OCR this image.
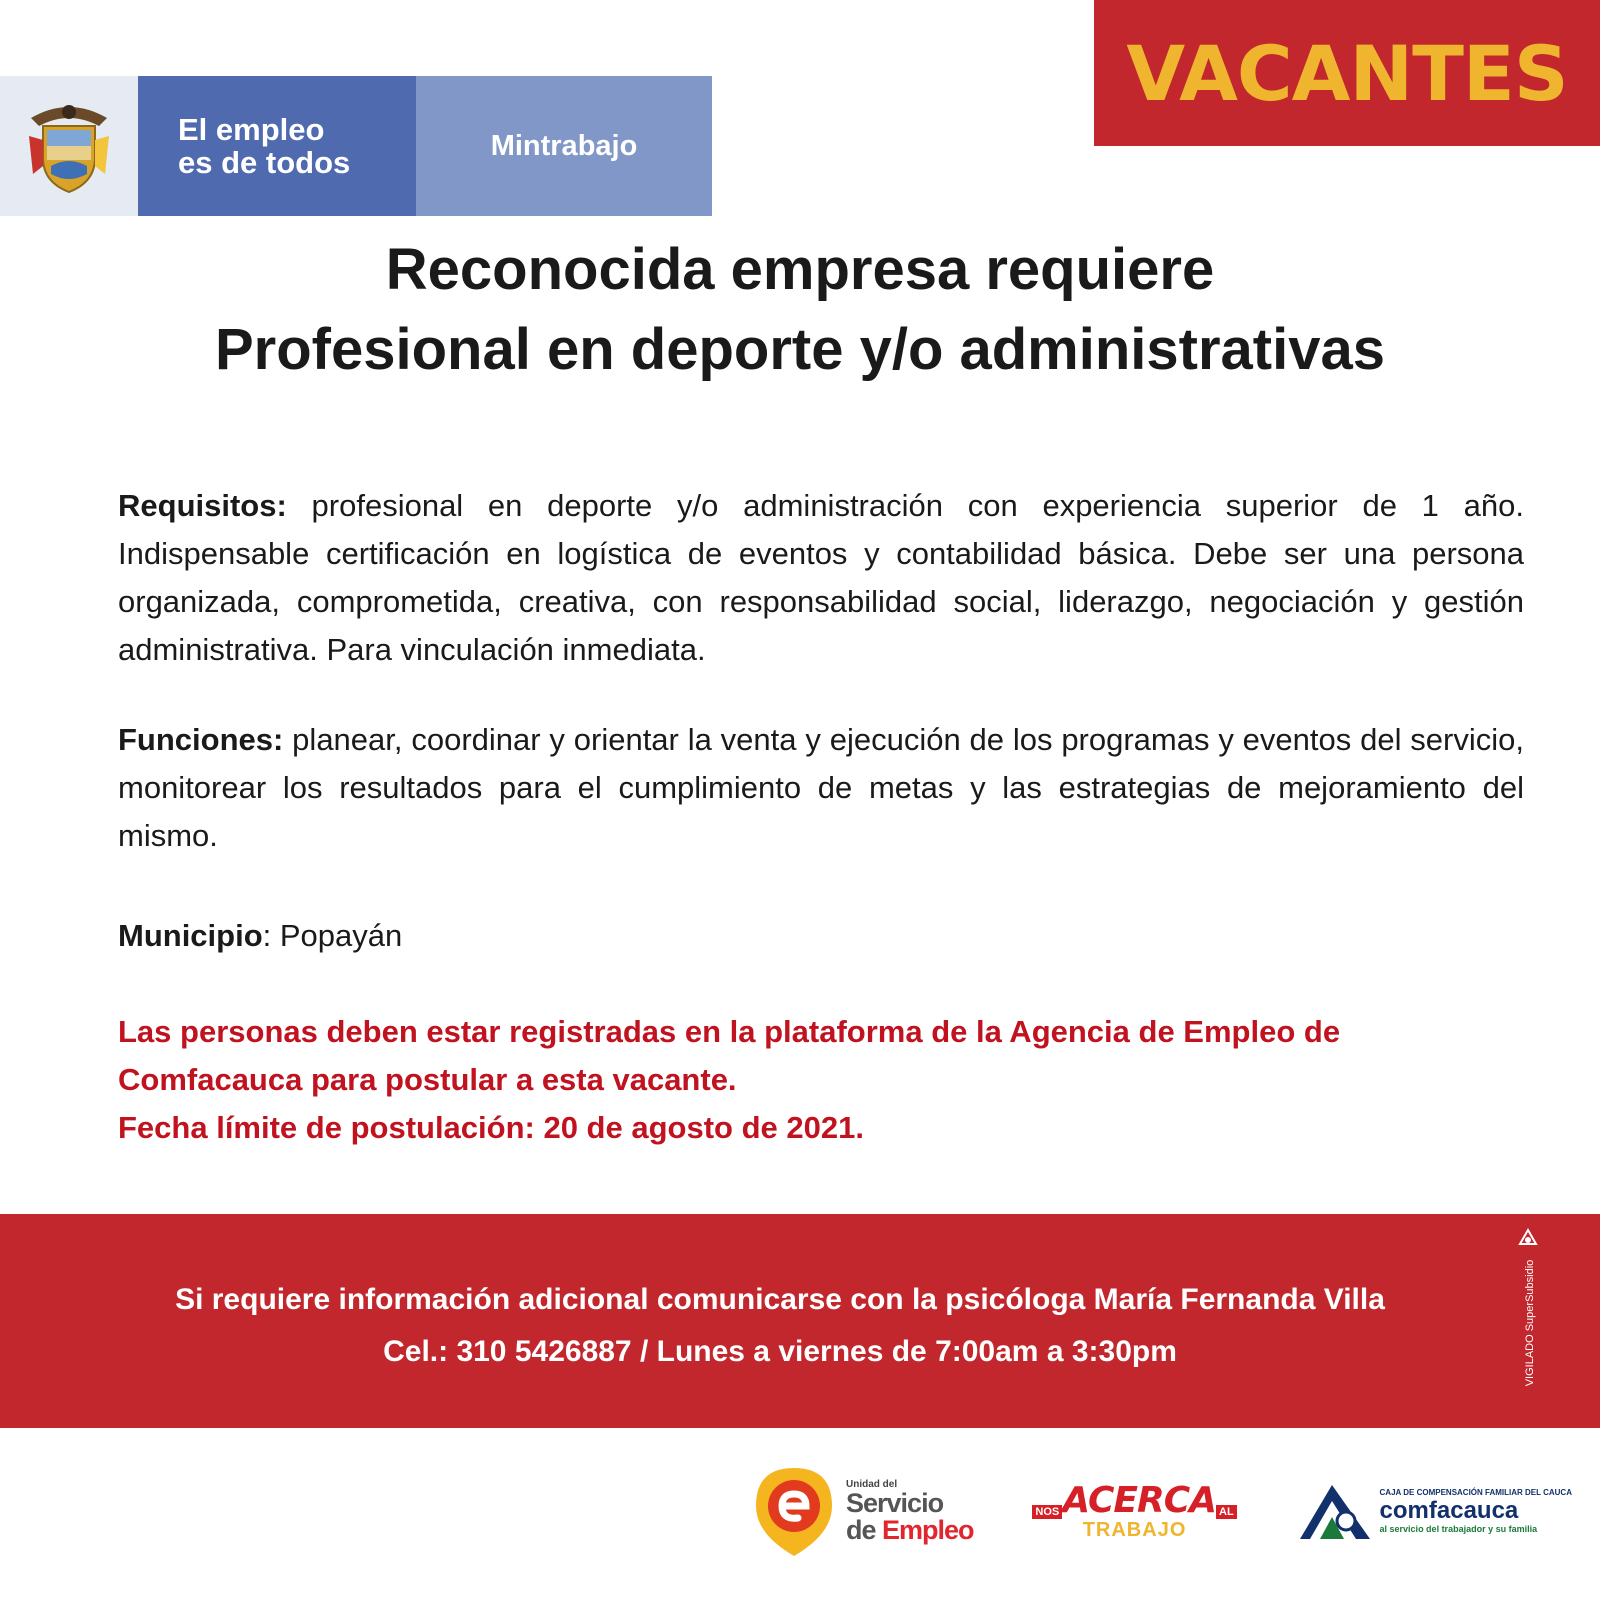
El empleo
es de todos	Mintrabajo
VACANTES
Reconocida empresa requiere
Profesional en deporte y/o administrativas
Requisitos: profesional en deporte y/o administración con experiencia superior de 1 año. Indispensable certificación en logística de eventos y contabilidad básica. Debe ser una persona organizada, comprometida, creativa, con responsabilidad social, liderazgo, negociación y gestión administrativa. Para vinculación inmediata.
Funciones: planear, coordinar y orientar la venta y ejecución de los programas y eventos del servicio, monitorear los resultados para el cumplimiento de metas y las estrategias de mejoramiento del mismo.
Municipio: Popayán
Las personas deben estar registradas en la plataforma de la Agencia de Empleo de Comfacauca para postular a esta vacante.
Fecha límite de postulación: 20 de agosto de 2021.
Si requiere información adicional comunicarse con la psicóloga María Fernanda Villa
Cel.: 310 5426887 / Lunes a viernes de 7:00am a 3:30pm	VIGILADO SuperSubsidio
Unidad del
Servicio
de Empleo
NOS ACERCA AL
TRABAJO
CAJA DE COMPENSACIÓN FAMILIAR DEL CAUCA
comfacauca
al servicio del trabajador y su familia
